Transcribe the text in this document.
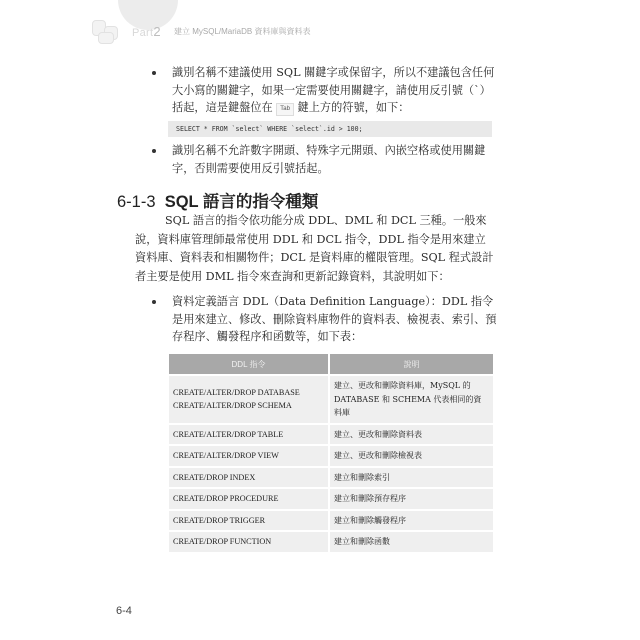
Part2 建立 MySQL/MariaDB 資料庫與資料表
識別名稱不建議使用 SQL 關鍵字或保留字，所以不建議包含任何大小寫的關鍵字，如果一定需要使用關鍵字，請使用反引號（`）括起，這是鍵盤位在 Tab 鍵上方的符號，如下：
SELECT * FROM `select` WHERE `select`.id > 100;
識別名稱不允許數字開頭、特殊字元開頭、內嵌空格或使用關鍵字，否則需要使用反引號括起。
6-1-3 SQL 語言的指令種類

SQL 語言的指令依功能分成 DDL、DML 和 DCL 三種。一般來說，資料庫管理師最常使用 DDL 和 DCL 指令，DDL 指令是用來建立資料庫、資料表和相關物件；DCL 是資料庫的權限管理。SQL 程式設計者主要是使用 DML 指令來查詢和更新記錄資料，其說明如下：

資料定義語言 DDL（Data Definition Language）：DDL 指令是用來建立、修改、刪除資料庫物件的資料表、檢視表、索引、預存程序、觸發程序和函數等，如下表：
DDL 指令	說明

CREATE/ALTER/DROP DATABASE
CREATE/ALTER/DROP SCHEMA	建立、更改和刪除資料庫，MySQL 的 DATABASE 和 SCHEMA 代表相同的資料庫
CREATE/ALTER/DROP TABLE	建立、更改和刪除資料表
CREATE/ALTER/DROP VIEW	建立、更改和刪除檢視表
CREATE/DROP INDEX	建立和刪除索引
CREATE/DROP PROCEDURE	建立和刪除預存程序
CREATE/DROP TRIGGER	建立和刪除觸發程序
CREATE/DROP FUNCTION	建立和刪除函數
6-4
